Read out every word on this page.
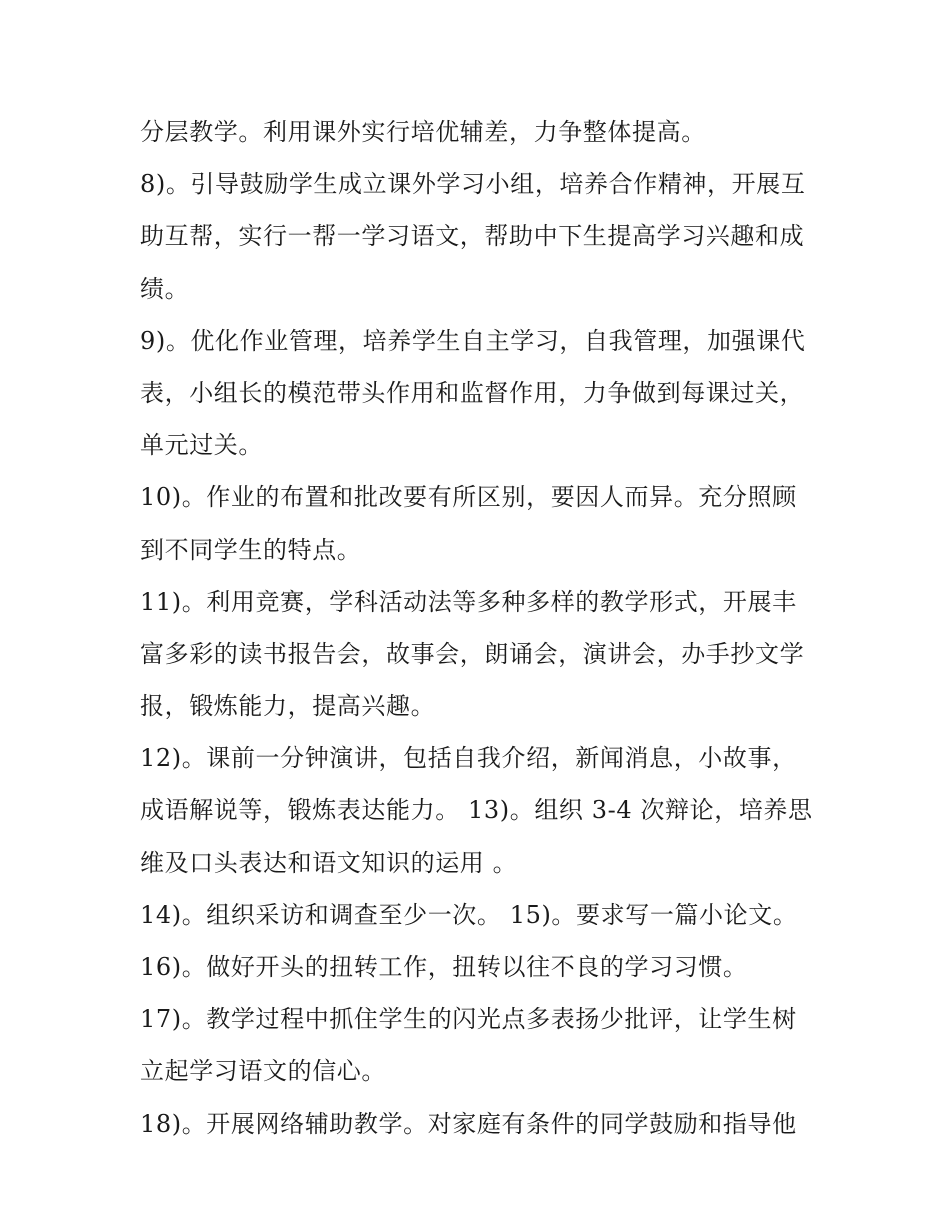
分层教学。利用课外实行培优辅差，力争整体提高。
8)。引导鼓励学生成立课外学习小组，培养合作精神，开展互
助互帮，实行一帮一学习语文，帮助中下生提高学习兴趣和成
绩。
9)。优化作业管理，培养学生自主学习，自我管理，加强课代
表，小组长的模范带头作用和监督作用，力争做到每课过关，
单元过关。
10)。作业的布置和批改要有所区别，要因人而异。充分照顾
到不同学生的特点。
11)。利用竞赛，学科活动法等多种多样的教学形式，开展丰
富多彩的读书报告会，故事会，朗诵会，演讲会，办手抄文学
报，锻炼能力，提高兴趣。
12)。课前一分钟演讲，包括自我介绍，新闻消息，小故事，
成语解说等，锻炼表达能力。 13)。组织 3-4 次辩论，培养思
维及口头表达和语文知识的运用 。
14)。组织采访和调查至少一次。 15)。要求写一篇小论文。
16)。做好开头的扭转工作，扭转以往不良的学习习惯。
17)。教学过程中抓住学生的闪光点多表扬少批评，让学生树
立起学习语文的信心。
18)。开展网络辅助教学。对家庭有条件的同学鼓励和指导他
